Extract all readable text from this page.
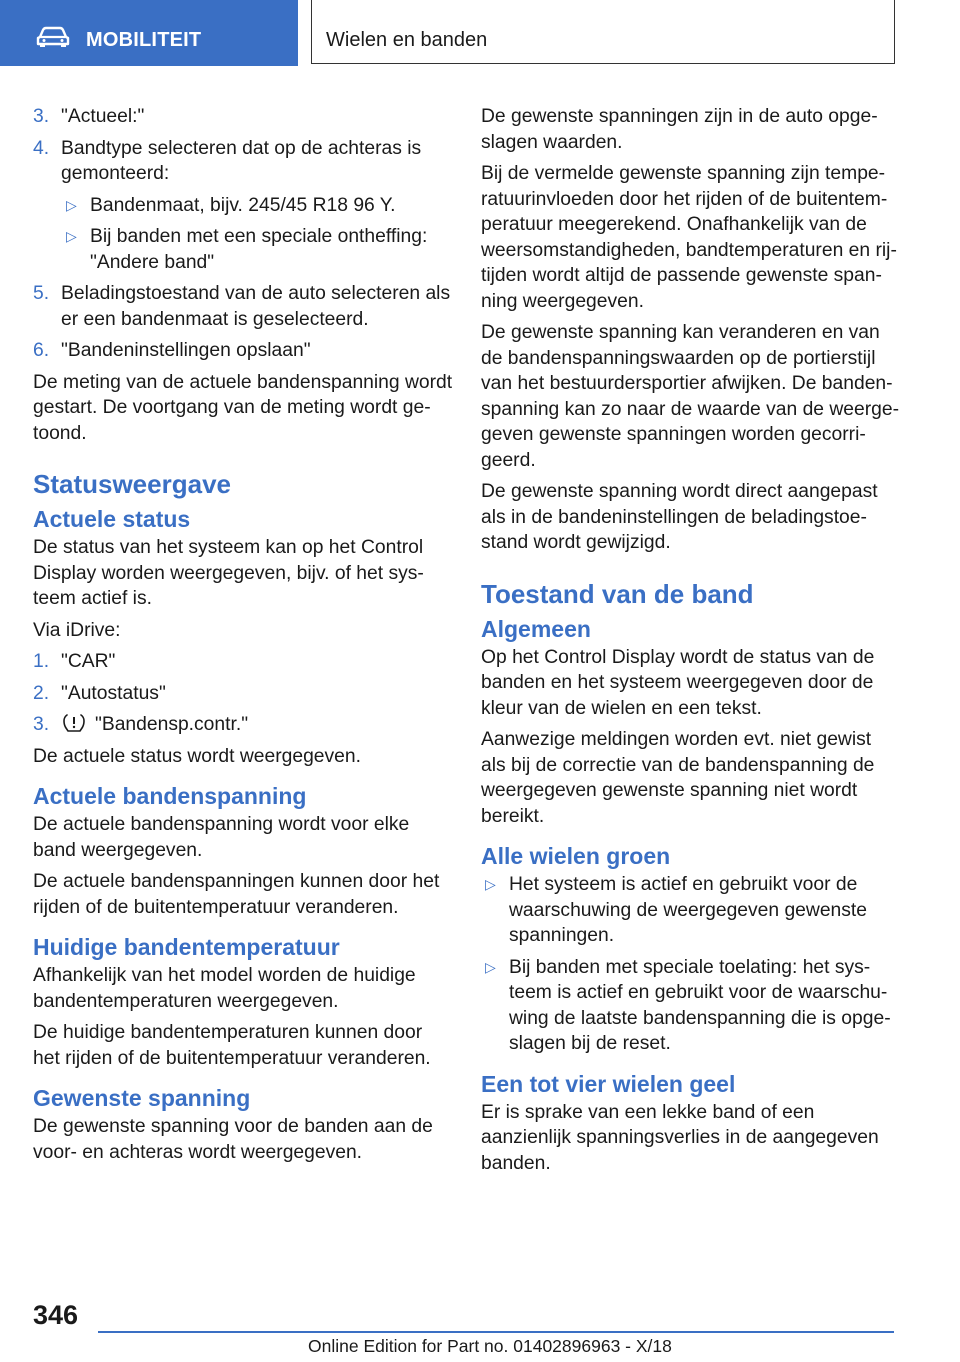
MOBILITEIT	Wielen en banden
3. "Actueel:"
4. Bandtype selecteren dat op de achteras is gemonteerd:
▷ Bandenmaat, bijv. 245/45 R18 96 Y.
▷ Bij banden met een speciale ontheffing: "Andere band"
5. Beladingstoestand van de auto selecteren als er een bandenmaat is geselecteerd.
6. "Bandeninstellingen opslaan"

De meting van de actuele bandenspanning wordt gestart. De voortgang van de meting wordt getoond.

Statusweergave
Actuele status

De status van het systeem kan op het Control Display worden weergegeven, bijv. of het systeem actief is.

Via iDrive:

1. "CAR"
2. "Autostatus"
3. "Bandensp.contr."

De actuele status wordt weergegeven.

Actuele bandenspanning

De actuele bandenspanning wordt voor elke band weergegeven.

De actuele bandenspanningen kunnen door het rijden of de buitentemperatuur veranderen.

Huidige bandentemperatuur

Afhankelijk van het model worden de huidige bandentemperaturen weergegeven.

De huidige bandentemperaturen kunnen door het rijden of de buitentemperatuur veranderen.

Gewenste spanning

De gewenste spanning voor de banden aan de voor- en achteras wordt weergegeven.

De gewenste spanningen zijn in de auto opgeslagen waarden.

Bij de vermelde gewenste spanning zijn temperatuurinvloeden door het rijden of de buitentemperatuur meegerekend. Onafhankelijk van de weersomstandigheden, bandtemperaturen en rijtijden wordt altijd de passende gewenste spanning weergegeven.

De gewenste spanning kan veranderen en van de bandenspanningswaarden op de portierstijl van het bestuurdersportier afwijken. De bandenspanning kan zo naar de waarde van de weergegeven gewenste spanningen worden gecorrigeerd.

De gewenste spanning wordt direct aangepast als in de bandeninstellingen de beladingstoestand wordt gewijzigd.

Toestand van de band
Algemeen

Op het Control Display wordt de status van de banden en het systeem weergegeven door de kleur van de wielen en een tekst.

Aanwezige meldingen worden evt. niet gewist als bij de correctie van de bandenspanning de weergegeven gewenste spanning niet wordt bereikt.

Alle wielen groen
▷ Het systeem is actief en gebruikt voor de waarschuwing de weergegeven gewenste spanningen.
▷ Bij banden met speciale toelating: het systeem is actief en gebruikt voor de waarschuwing de laatste bandenspanning die is opgeslagen bij de reset.
Een tot vier wielen geel

Er is sprake van een lekke band of een aanzienlijk spanningsverlies in de aangegeven banden.

346
Online Edition for Part no. 01402896963 - X/18
